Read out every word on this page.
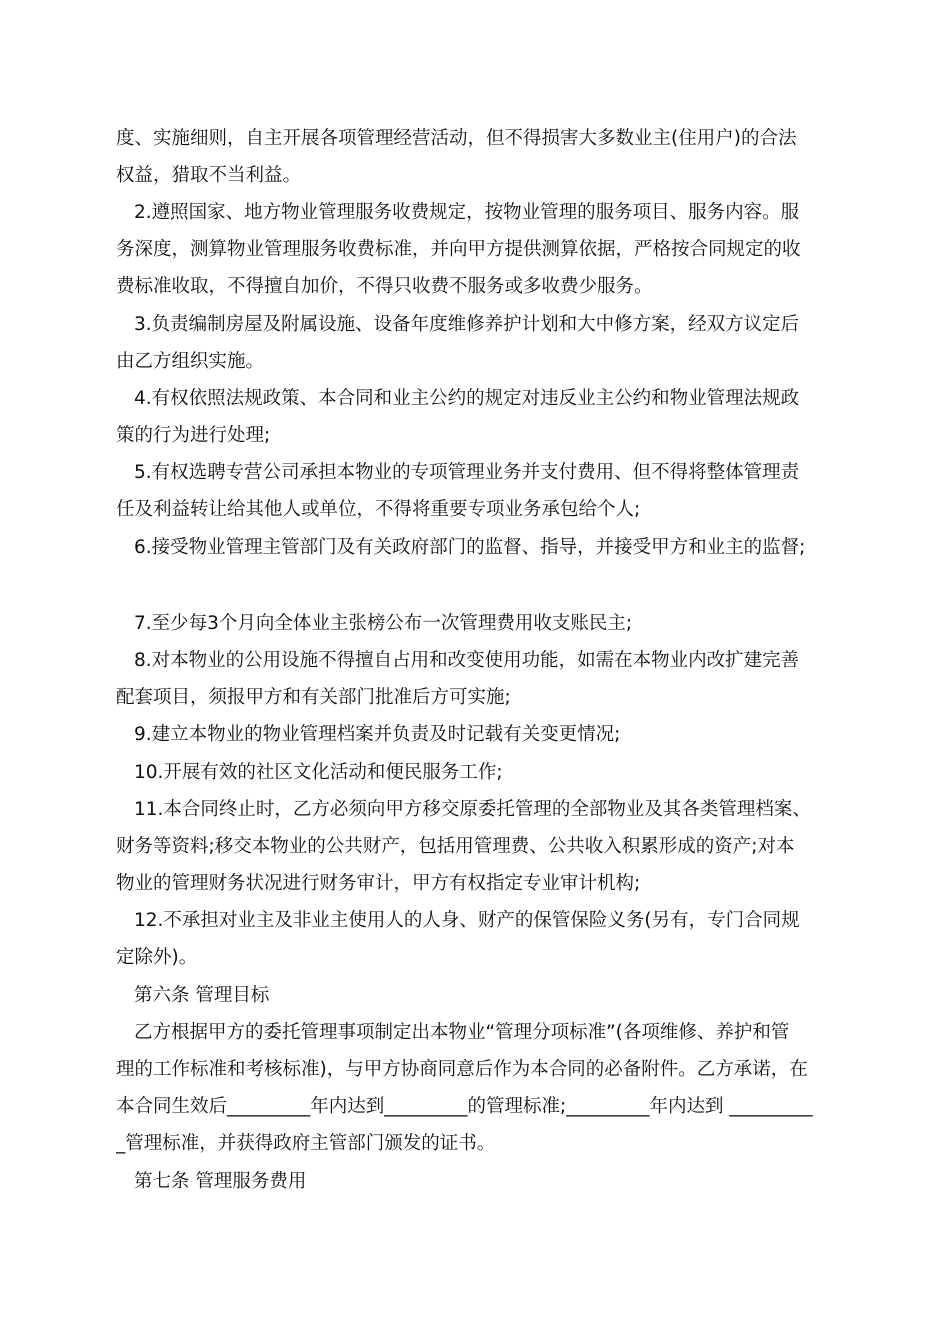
度、实施细则，自主开展各项管理经营活动，但不得损害大多数业主(住用户)的合法

权益，猎取不当利益。

2.遵照国家、地方物业管理服务收费规定，按物业管理的服务项目、服务内容。服

务深度，测算物业管理服务收费标准，并向甲方提供测算依据，严格按合同规定的收

费标准收取，不得擅自加价，不得只收费不服务或多收费少服务。

3.负责编制房屋及附属设施、设备年度维修养护计划和大中修方案，经双方议定后

由乙方组织实施。

4.有权依照法规政策、本合同和业主公约的规定对违反业主公约和物业管理法规政

策的行为进行处理;

5.有权选聘专营公司承担本物业的专项管理业务并支付费用、但不得将整体管理责

任及利益转让给其他人或单位，不得将重要专项业务承包给个人;

6.接受物业管理主管部门及有关政府部门的监督、指导，并接受甲方和业主的监督;

7.至少每3个月向全体业主张榜公布一次管理费用收支账民主;

8.对本物业的公用设施不得擅自占用和改变使用功能，如需在本物业内改扩建完善

配套项目，须报甲方和有关部门批准后方可实施;

9.建立本物业的物业管理档案并负责及时记载有关变更情况;

10.开展有效的社区文化活动和便民服务工作;

11.本合同终止时，乙方必须向甲方移交原委托管理的全部物业及其各类管理档案、

财务等资料;移交本物业的公共财产，包括用管理费、公共收入积累形成的资产;对本

物业的管理财务状况进行财务审计，甲方有权指定专业审计机构;

12.不承担对业主及非业主使用人的人身、财产的保管保险义务(另有，专门合同规

定除外)。

第六条 管理目标

乙方根据甲方的委托管理事项制定出本物业“管理分项标准”(各项维修、养护和管

理的工作标准和考核标准)，与甲方协商同意后作为本合同的必备附件。乙方承诺，在

本合同生效后_________年内达到_________的管理标准;_________年内达到 _________

_管理标准，并获得政府主管部门颁发的证书。

第七条 管理服务费用
